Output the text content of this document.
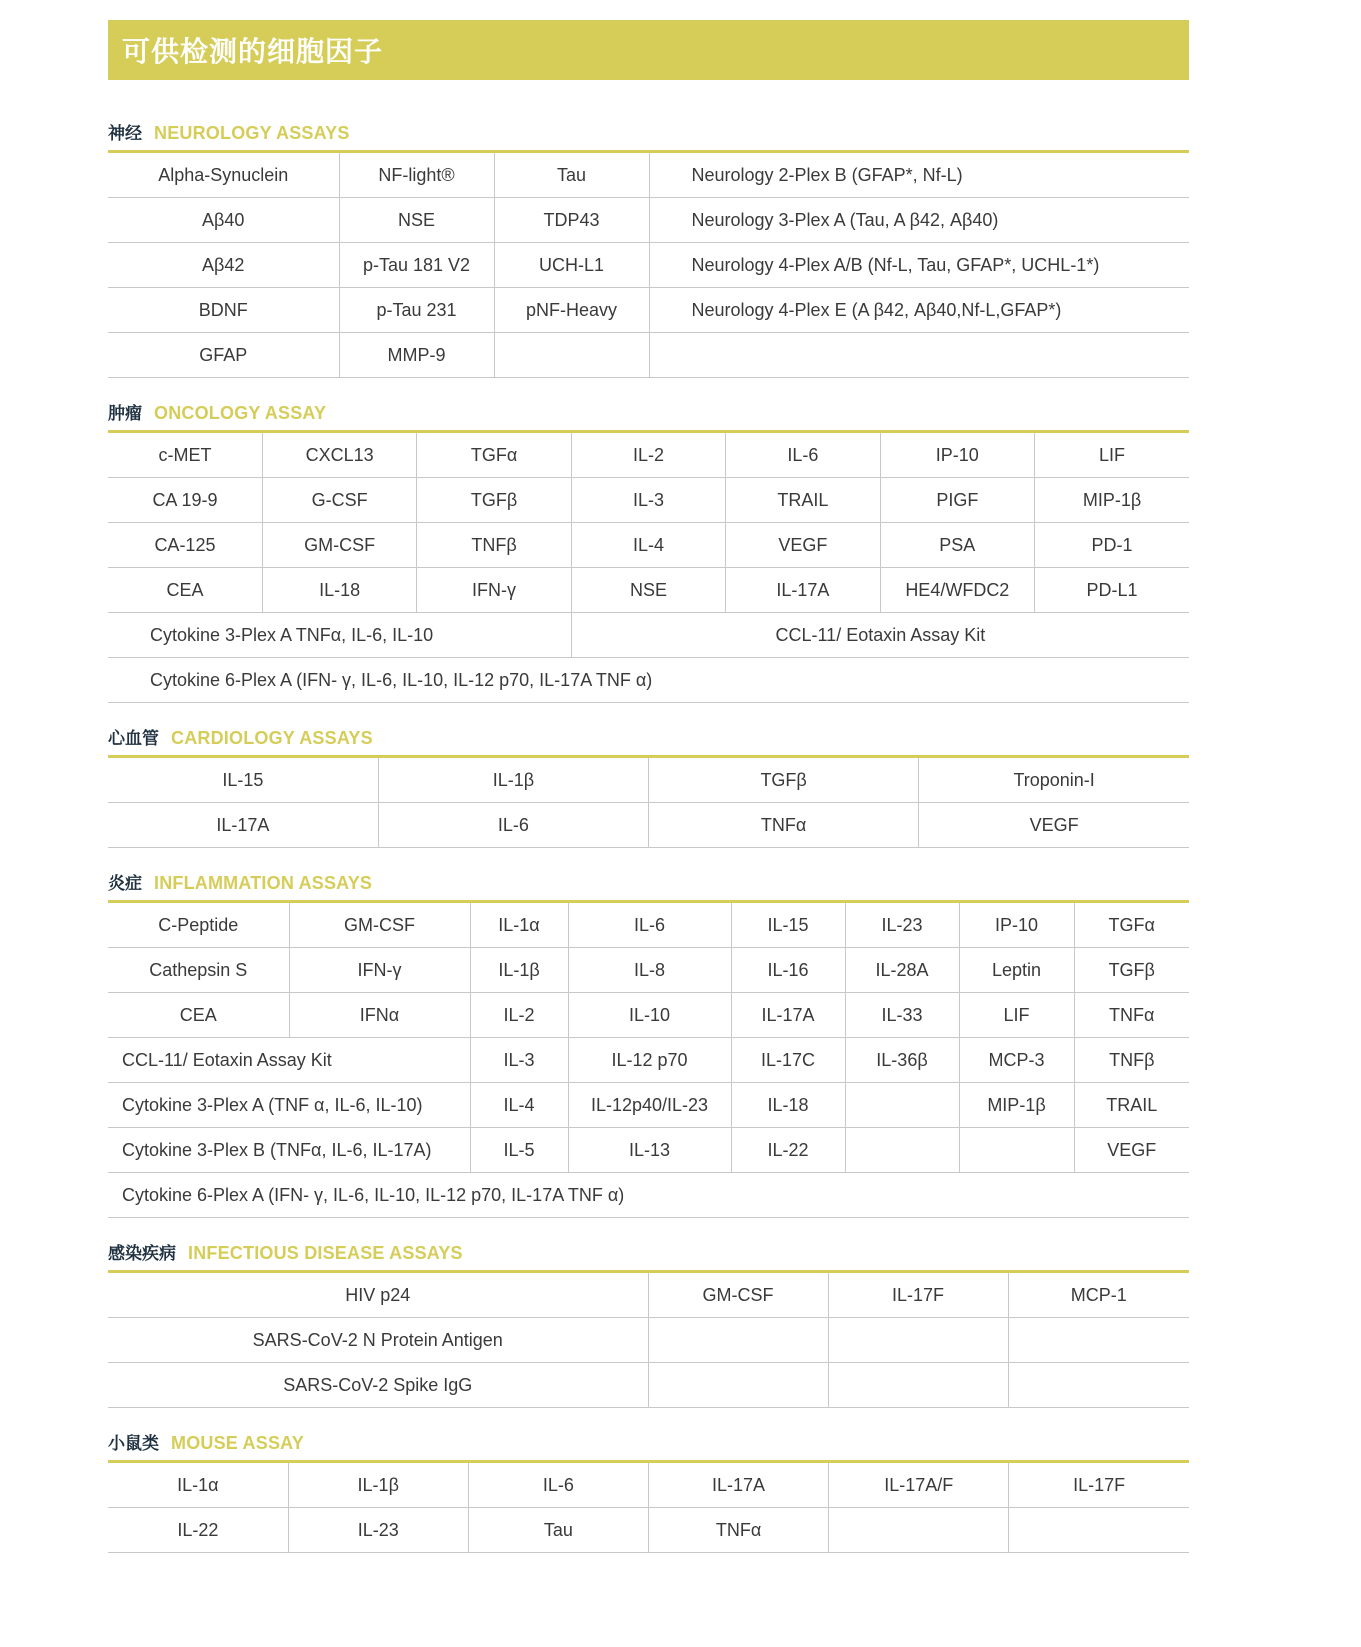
可供检测的细胞因子
神经 NEUROLOGY ASSAYS
Alpha-Synuclein	NF-light®	Tau	Neurology 2-Plex B (GFAP*, Nf-L)
Aβ40	NSE	TDP43	Neurology 3-Plex A (Tau, A β42, Aβ40)
Aβ42	p-Tau 181 V2	UCH-L1	Neurology 4-Plex A/B (Nf-L, Tau, GFAP*, UCHL-1*)
BDNF	p-Tau 231	pNF-Heavy	Neurology 4-Plex E (A β42, Aβ40,Nf-L,GFAP*)
GFAP	MMP-9		
肿瘤 ONCOLOGY ASSAY
c-MET	CXCL13	TGFα	IL-2	IL-6	IP-10	LIF
CA 19-9	G-CSF	TGFβ	IL-3	TRAIL	PIGF	MIP-1β
CA-125	GM-CSF	TNFβ	IL-4	VEGF	PSA	PD-1
CEA	IL-18	IFN-γ	NSE	IL-17A	HE4/WFDC2	PD-L1
Cytokine 3-Plex A TNFα, IL-6, IL-10			CCL-11/ Eotaxin Assay Kit			
Cytokine 6-Plex A (IFN- γ, IL-6, IL-10, IL-12 p70, IL-17A TNF α)						
心血管 CARDIOLOGY ASSAYS
IL-15	IL-1β	TGFβ	Troponin-I
IL-17A	IL-6	TNFα	VEGF
炎症 INFLAMMATION ASSAYS
C-Peptide	GM-CSF	IL-1α	IL-6	IL-15	IL-23	IP-10	TGFα
Cathepsin S	IFN-γ	IL-1β	IL-8	IL-16	IL-28A	Leptin	TGFβ
CEA	IFNα	IL-2	IL-10	IL-17A	IL-33	LIF	TNFα
CCL-11/ Eotaxin Assay Kit		IL-3	IL-12 p70	IL-17C	IL-36β	MCP-3	TNFβ
Cytokine 3-Plex A (TNF α, IL-6, IL-10)		IL-4	IL-12p40/IL-23	IL-18		MIP-1β	TRAIL
Cytokine 3-Plex B (TNFα, IL-6, IL-17A)		IL-5	IL-13	IL-22			VEGF
Cytokine 6-Plex A (IFN- γ, IL-6, IL-10, IL-12 p70, IL-17A TNF α)							
感染疾病 INFECTIOUS DISEASE ASSAYS
HIV p24	GM-CSF	IL-17F	MCP-1
SARS-CoV-2 N Protein Antigen			
SARS-CoV-2 Spike IgG			
小鼠类 MOUSE ASSAY
IL-1α	IL-1β	IL-6	IL-17A	IL-17A/F	IL-17F
IL-22	IL-23	Tau	TNFα		
